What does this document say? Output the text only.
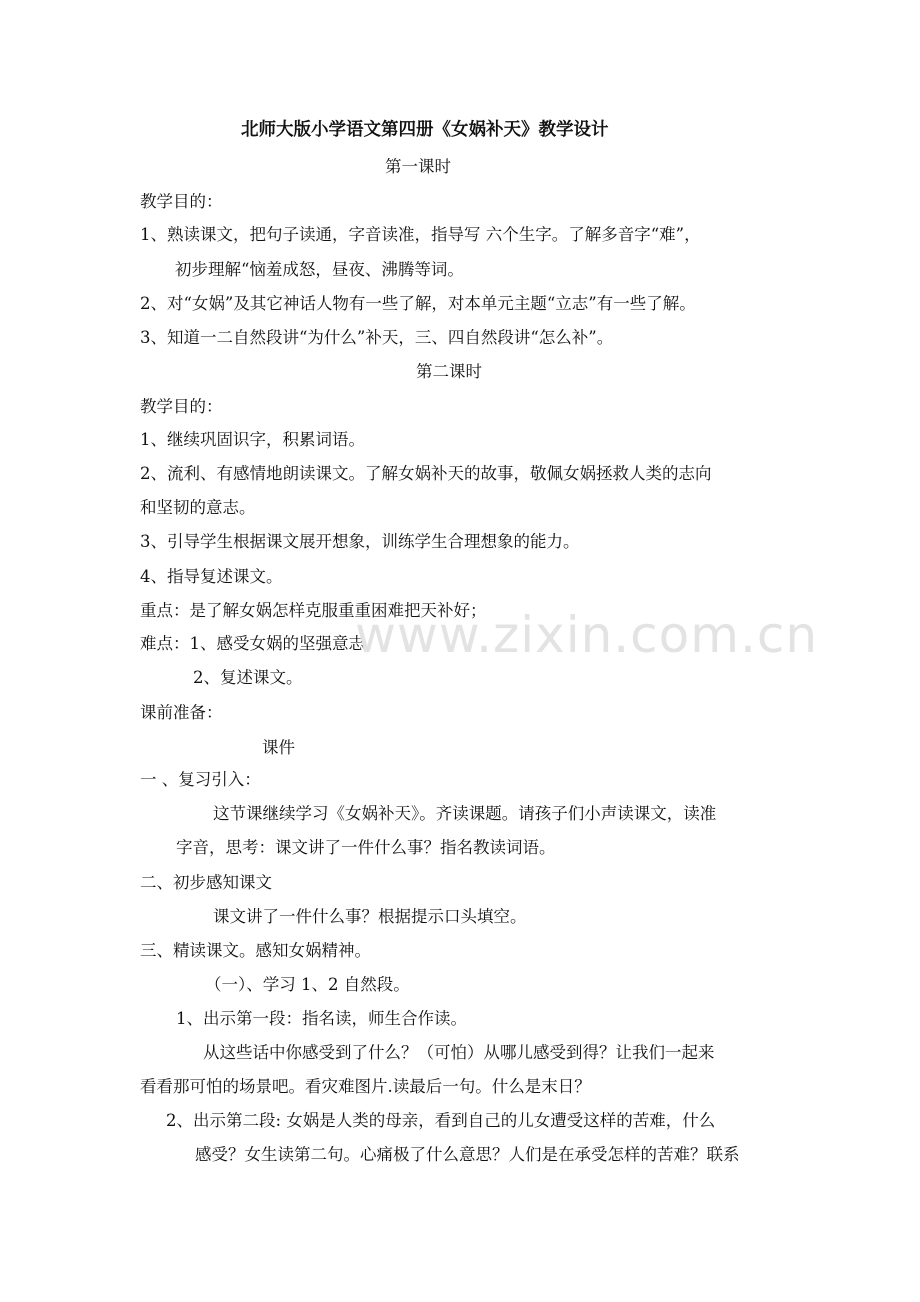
北师大版小学语文第四册《女娲补天》教学设计
第一课时
教学目的：
1、熟读课文，把句子读通，字音读准，指导写 六个生字。了解多音字“难”，
初步理解“恼羞成怒，昼夜、沸腾等词。
2、对“女娲”及其它神话人物有一些了解，对本单元主题“立志”有一些了解。
3、知道一二自然段讲“为什么”补天，三、四自然段讲“怎么补”。
第二课时
教学目的：
1、继续巩固识字，积累词语。
2、流利、有感情地朗读课文。了解女娲补天的故事，敬佩女娲拯救人类的志向
和坚韧的意志。
3、引导学生根据课文展开想象，训练学生合理想象的能力。
4、指导复述课文。
重点：是了解女娲怎样克服重重困难把天补好；
难点：1、感受女娲的坚强意志。
2、复述课文。
课前准备：
课件
一 、复习引入：
这节课继续学习《女娲补天》。齐读课题。请孩子们小声读课文，读准
字音，思考：课文讲了一件什么事？指名教读词语。
二、初步感知课文
课文讲了一件什么事？根据提示口头填空。
三、精读课文。感知女娲精神。
（一）、学习 1、2 自然段。
1、出示第一段：指名读，师生合作读。
从这些话中你感受到了什么？（可怕）从哪儿感受到得？让我们一起来
看看那可怕的场景吧。看灾难图片.读最后一句。什么是末日？
2、出示第二段: 女娲是人类的母亲，看到自己的儿女遭受这样的苦难，什么
感受？女生读第二句。心痛极了什么意思？人们是在承受怎样的苦难？联系
www.zixin.com.cn
